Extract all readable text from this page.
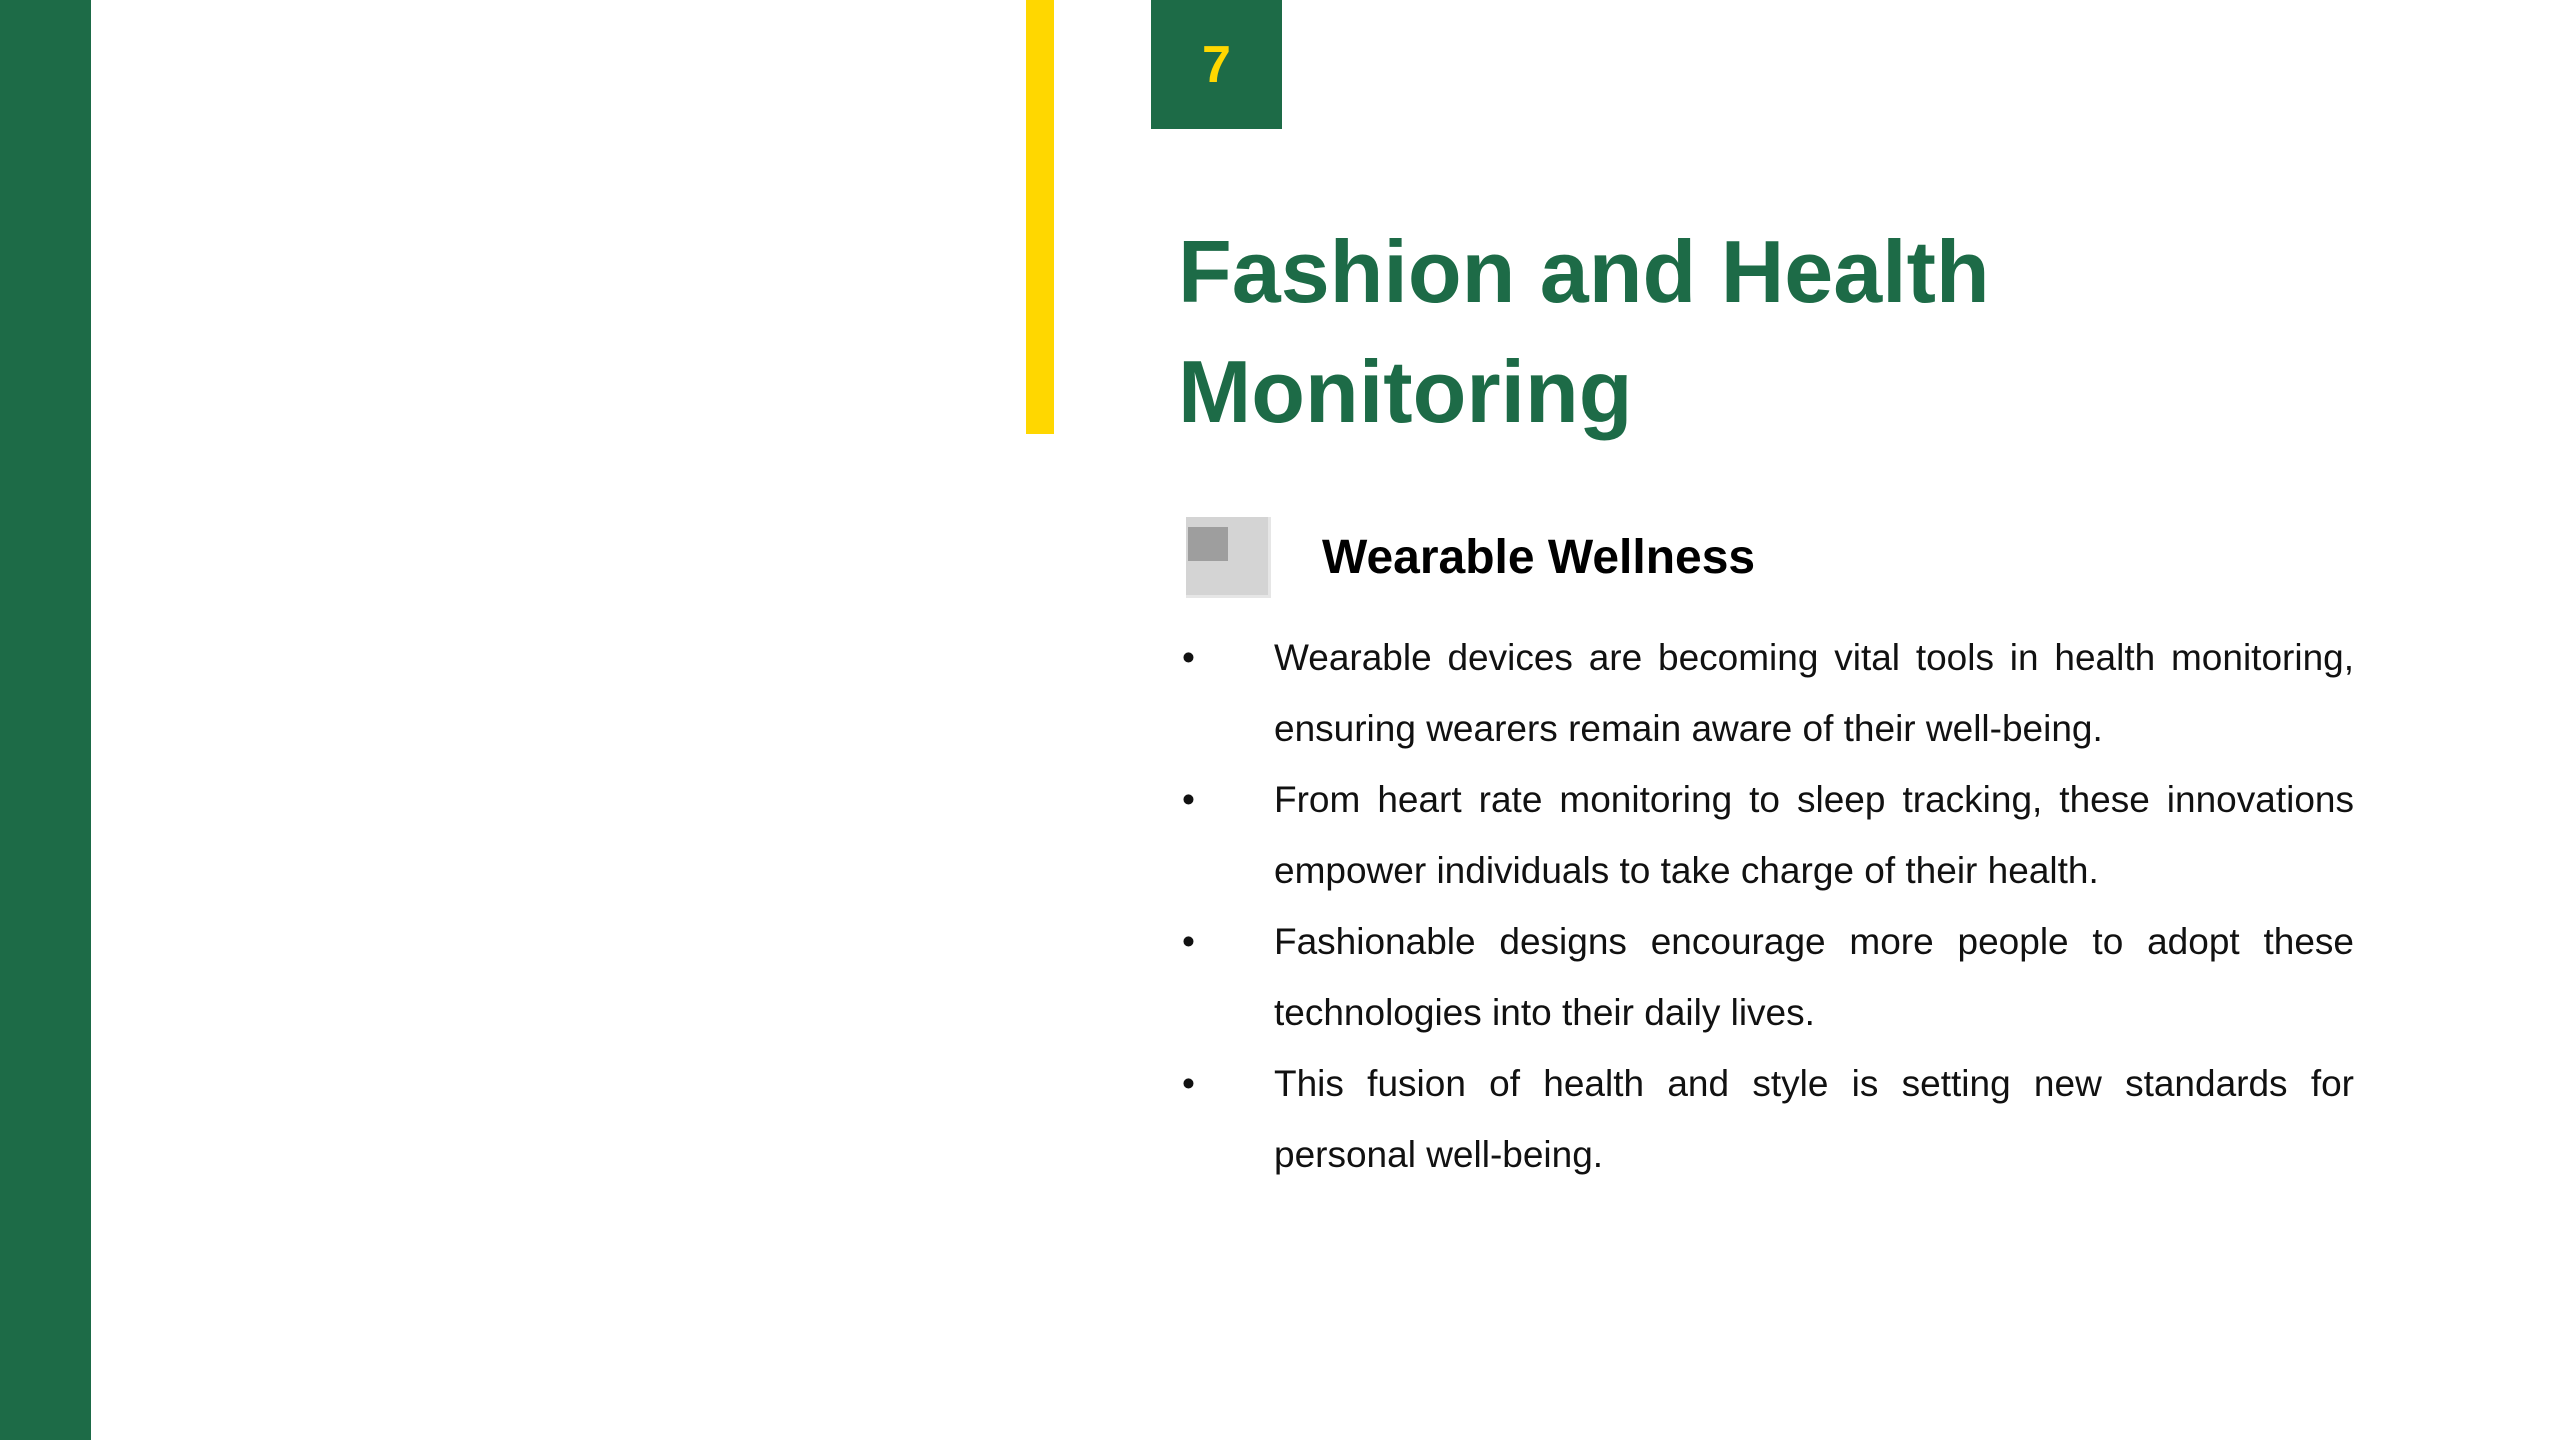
7
Fashion and Health Monitoring
Wearable Wellness
• Wearable devices are becoming vital tools in health monitoring, ensuring wearers remain aware of their well-being.
• From heart rate monitoring to sleep tracking, these innovations empower individuals to take charge of their health.
• Fashionable designs encourage more people to adopt these technologies into their daily lives.
• This fusion of health and style is setting new standards for personal well-being.
